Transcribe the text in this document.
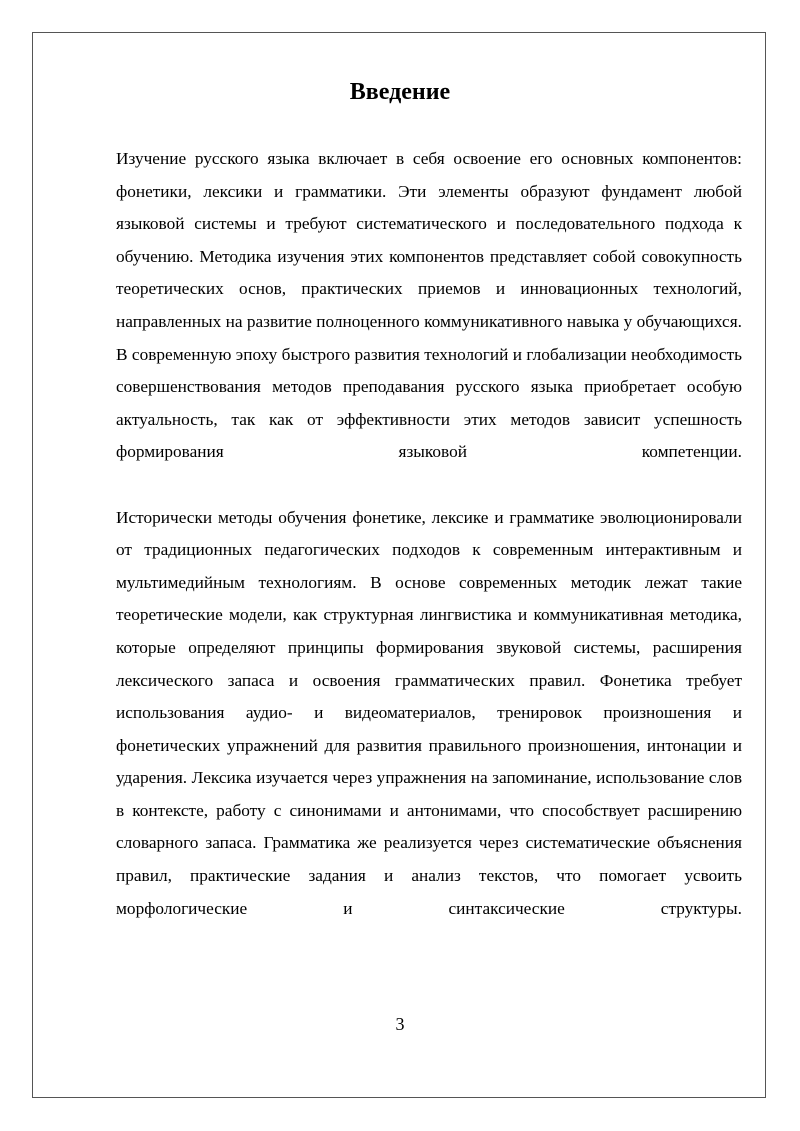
Введение

Изучение русского языка включает в себя освоение его основных компонентов: фонетики, лексики и грамматики. Эти элементы образуют фундамент любой языковой системы и требуют систематического и последовательного подхода к обучению. Методика изучения этих компонентов представляет собой совокупность теоретических основ, практических приемов и инновационных технологий, направленных на развитие полноценного коммуникативного навыка у обучающихся. В современную эпоху быстрого развития технологий и глобализации необходимость совершенствования методов преподавания русского языка приобретает особую актуальность, так как от эффективности этих методов зависит успешность формирования языковой компетенции.

Исторически методы обучения фонетике, лексике и грамматике эволюционировали от традиционных педагогических подходов к современным интерактивным и мультимедийным технологиям. В основе современных методик лежат такие теоретические модели, как структурная лингвистика и коммуникативная методика, которые определяют принципы формирования звуковой системы, расширения лексического запаса и освоения грамматических правил. Фонетика требует использования аудио- и видеоматериалов, тренировок произношения и фонетических упражнений для развития правильного произношения, интонации и ударения. Лексика изучается через упражнения на запоминание, использование слов в контексте, работу с синонимами и антонимами, что способствует расширению словарного запаса. Грамматика же реализуется через систематические объяснения правил, практические задания и анализ текстов, что помогает усвоить морфологические и синтаксические структуры.

3
